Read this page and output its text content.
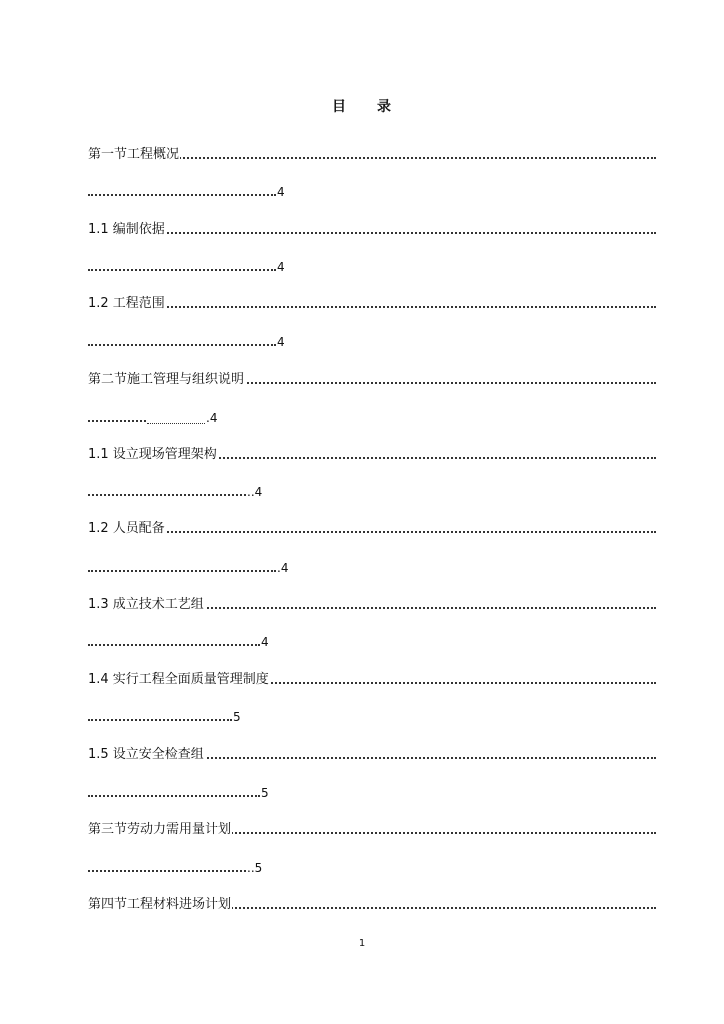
目 录
第一节工程概况
4
1.1 编制依据
4
1.2 工程范围
4
第二节施工管理与组织说明
.4
1.1 设立现场管理架构
..4
1.2 人员配备
.4
1.3 成立技术工艺组
4
1.4 实行工程全面质量管理制度
5
1.5 设立安全检查组
5
第三节劳动力需用量计划
..5
第四节工程材料进场计划
1
